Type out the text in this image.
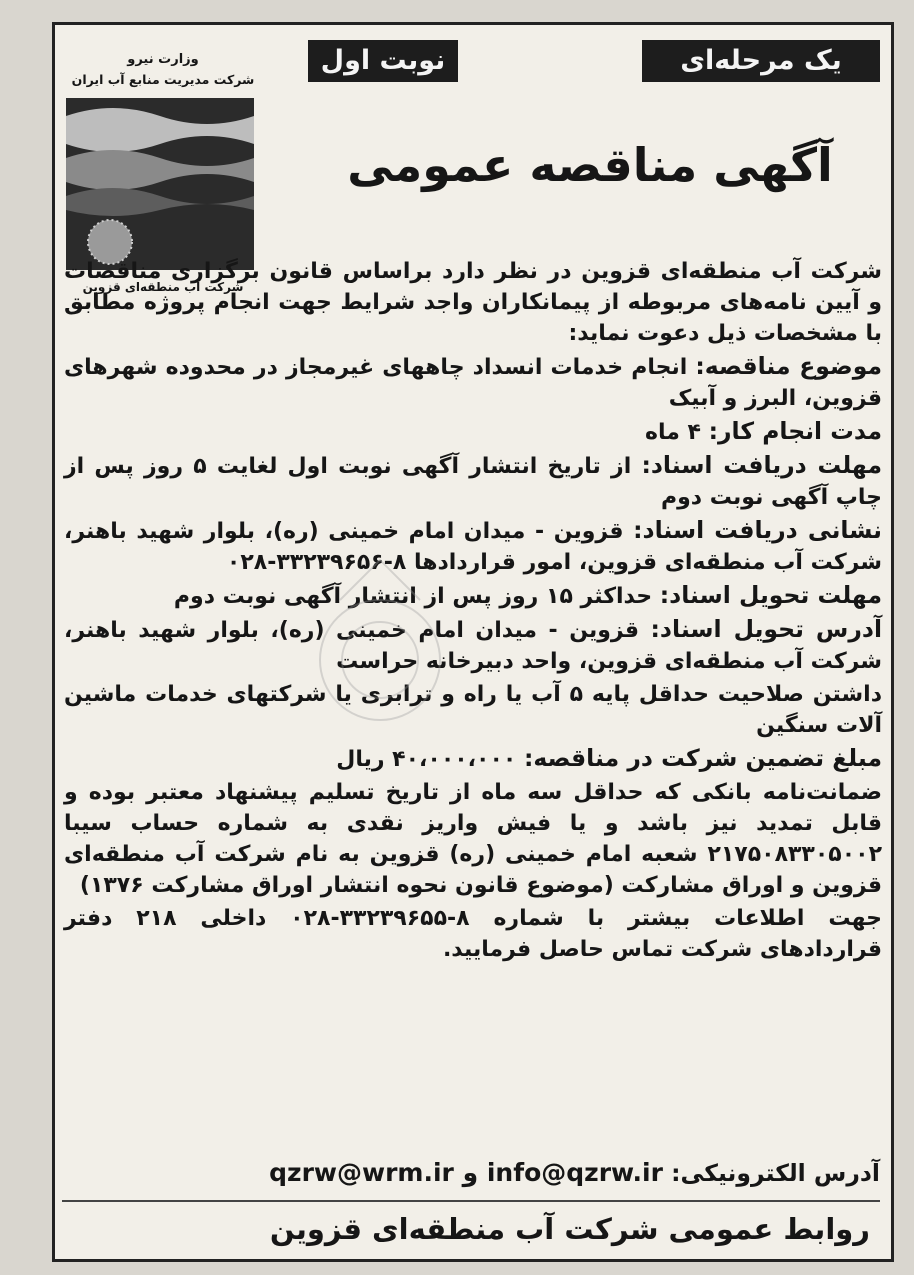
یک مرحله‌ای
نوبت اول
وزارت نیرو
شرکت مدیریت منابع آب ایران
شرکت آب منطقه‌ای قزوین
آگهی مناقصه عمومی

شرکت آب منطقه‌ای قزوین در نظر دارد براساس قانون برگزاری مناقصات و آیین نامه‌های مربوطه از پیمانکاران واجد شرایط جهت انجام پروژه مطابق با مشخصات ذیل دعوت نماید:

موضوع مناقصه: انجام خدمات انسداد چاههای غیرمجاز در محدوده شهرهای قزوین، البرز و آبیک

مدت انجام کار: ۴ ماه

مهلت دریافت اسناد: از تاریخ انتشار آگهی نوبت اول لغایت ۵ روز پس از چاپ آگهی نوبت دوم

نشانی دریافت اسناد: قزوین - میدان امام خمینی (ره)، بلوار شهید باهنر، شرکت آب منطقه‌ای قزوین، امور قراردادها ۸-۳۳۲۳۹۶۵۶-۰۲۸

مهلت تحویل اسناد: حداکثر ۱۵ روز پس از انتشار آگهی نوبت دوم

آدرس تحویل اسناد: قزوین - میدان امام خمینی (ره)، بلوار شهید باهنر، شرکت آب منطقه‌ای قزوین، واحد دبیرخانه حراست

داشتن صلاحیت حداقل پایه ۵ آب یا راه و ترابری یا شرکتهای خدمات ماشین آلات سنگین

مبلغ تضمین شرکت در مناقصه: ۴۰،۰۰۰،۰۰۰ ریال

ضمانت‌نامه بانکی که حداقل سه ماه از تاریخ تسلیم پیشنهاد معتبر بوده و قابل تمدید نیز باشد و یا فیش واریز نقدی به شماره حساب سیبا ۲۱۷۵۰۸۳۳۰۵۰۰۲ شعبه امام خمینی (ره) قزوین به نام شرکت آب منطقه‌ای قزوین و اوراق مشارکت (موضوع قانون نحوه انتشار اوراق مشارکت ۱۳۷۶)

جهت اطلاعات بیشتر با شماره ۸-۳۳۲۳۹۶۵۵-۰۲۸ داخلی ۲۱۸ دفتر قراردادهای شرکت تماس حاصل فرمایید.

آدرس الکترونیکی: qzrw@wrm.ir و info@qzrw.ir
روابط عمومی شرکت آب منطقه‌ای قزوین
